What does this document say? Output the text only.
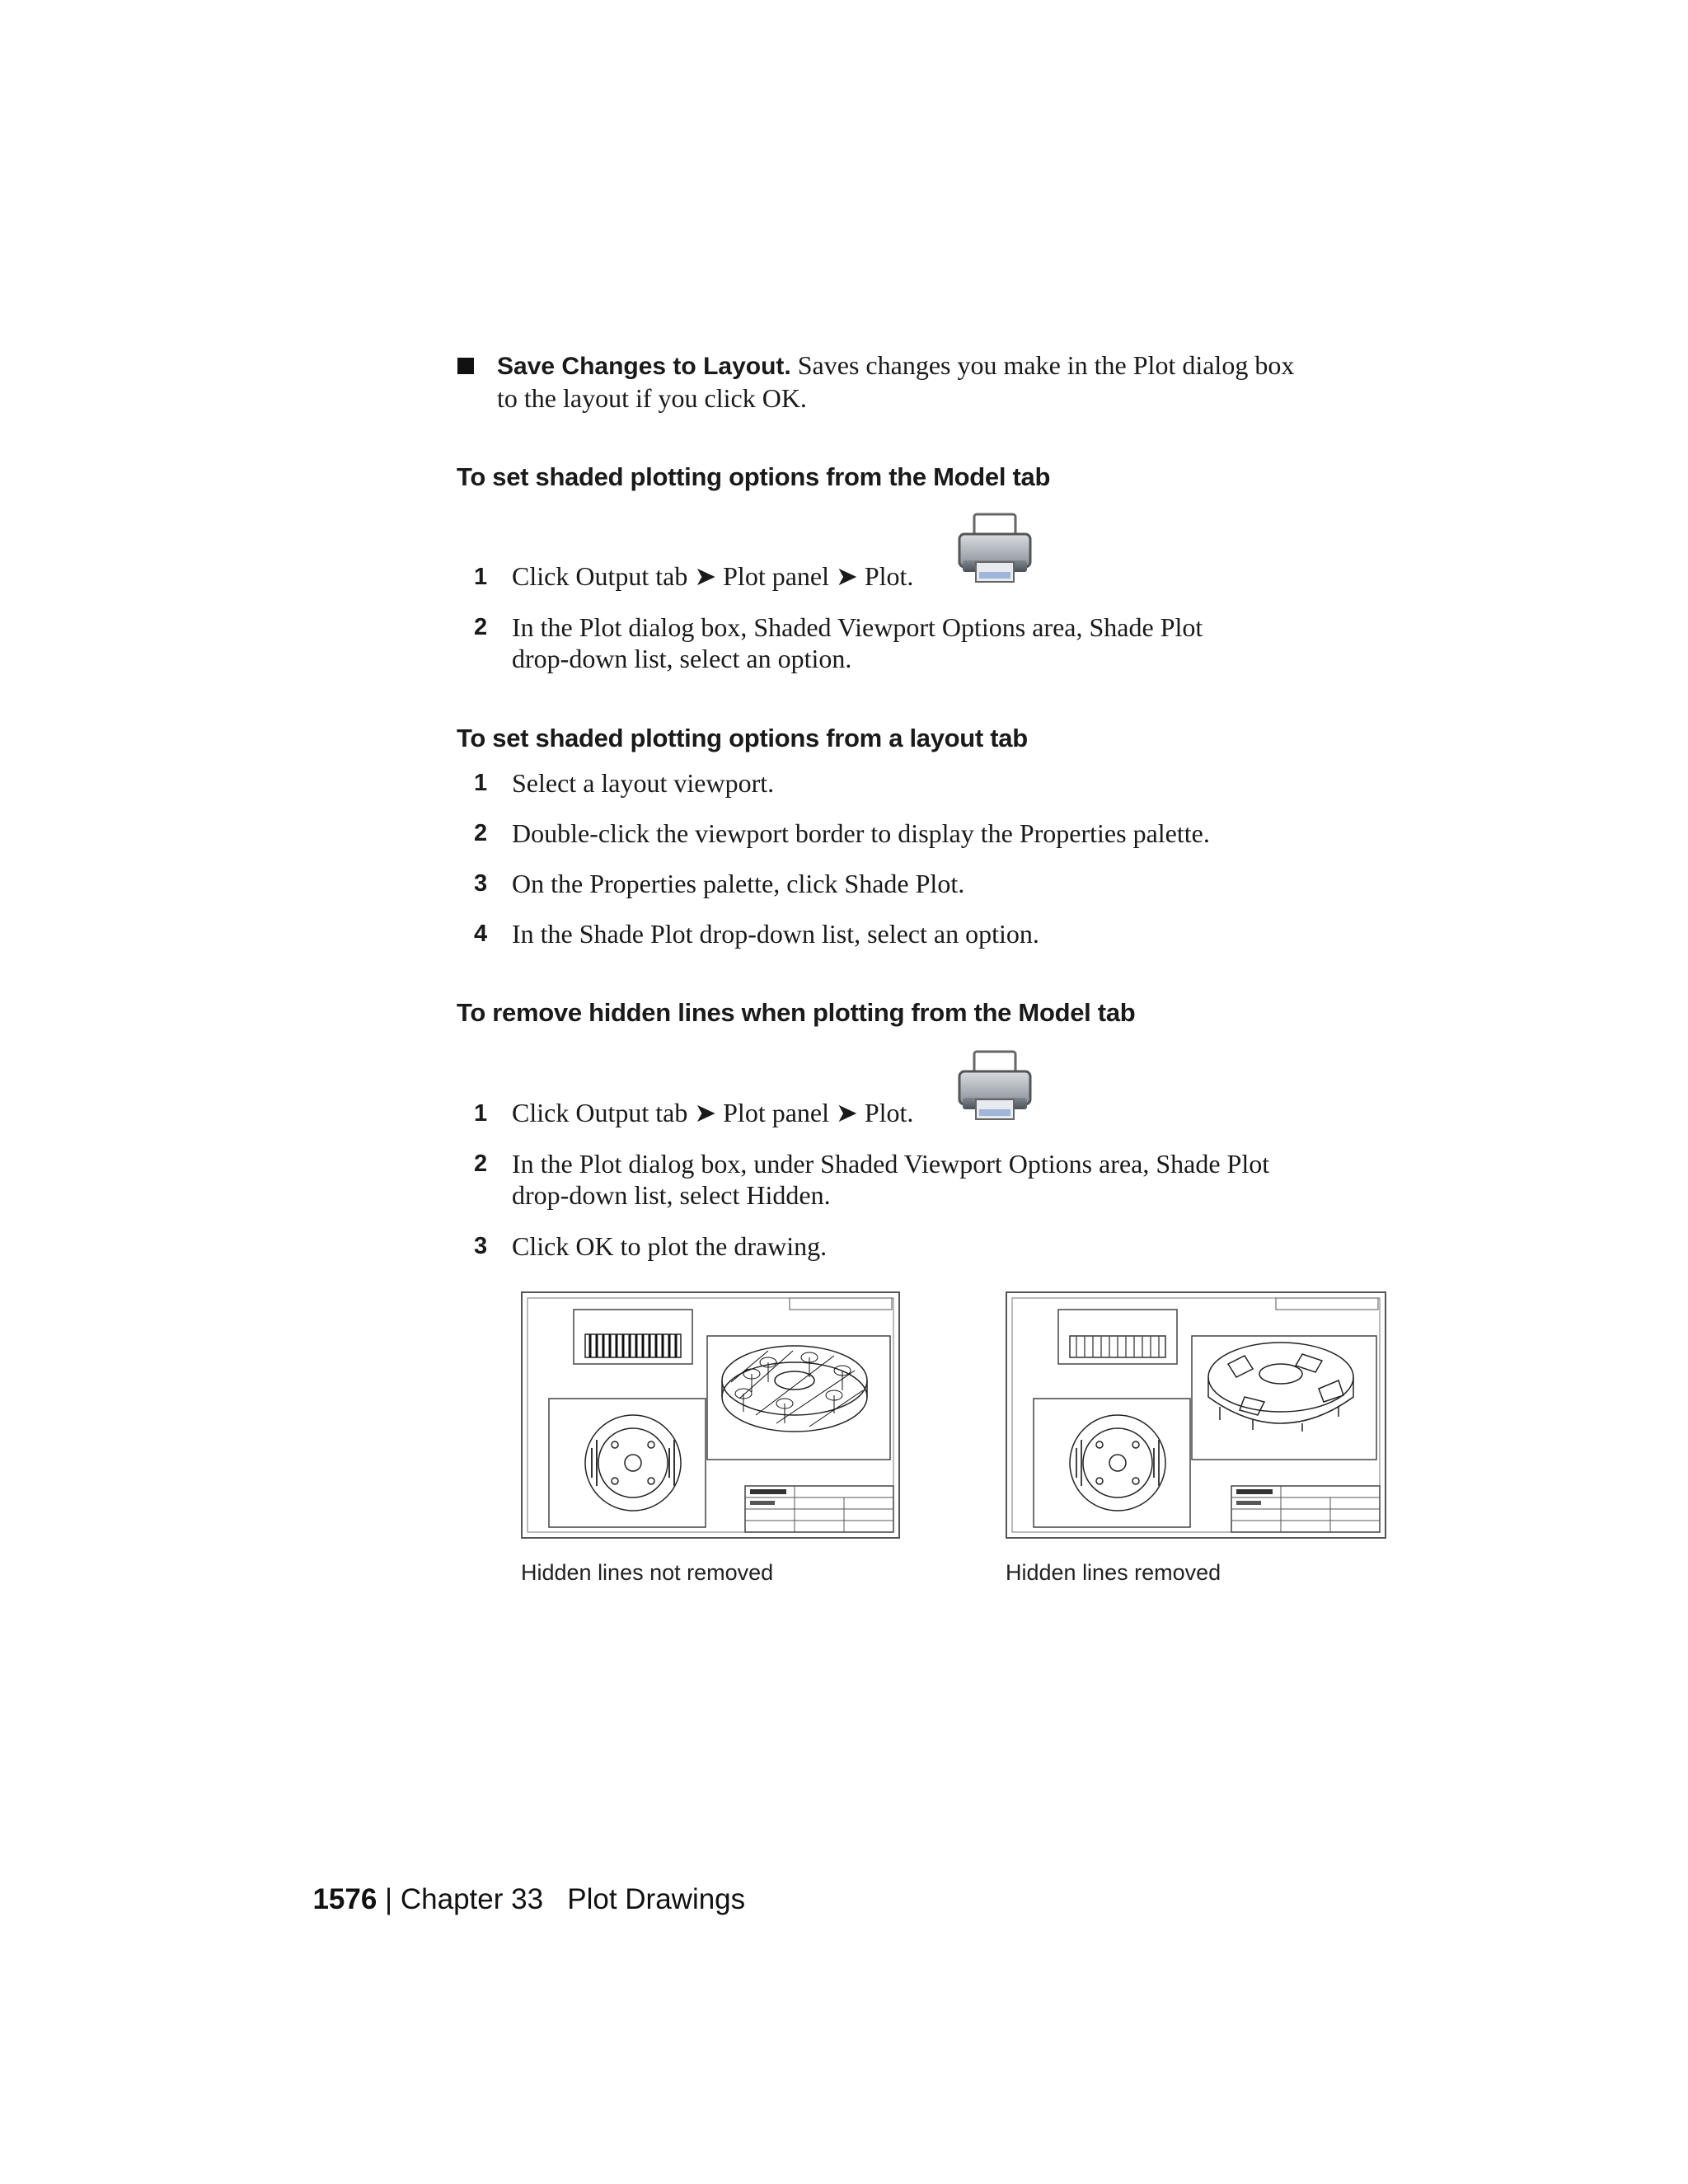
Save Changes to Layout. Saves changes you make in the Plot dialog box
to the layout if you click OK.
To set shaded plotting options from the Model tab
1 Click Output tab ➤ Plot panel ➤ Plot.
2 In the Plot dialog box, Shaded Viewport Options area, Shade Plot
drop-down list, select an option.
To set shaded plotting options from a layout tab
1 Select a layout viewport.
2 Double-click the viewport border to display the Properties palette.
3 On the Properties palette, click Shade Plot.
4 In the Shade Plot drop-down list, select an option.
To remove hidden lines when plotting from the Model tab
1 Click Output tab ➤ Plot panel ➤ Plot.
2 In the Plot dialog box, under Shaded Viewport Options area, Shade Plot
drop-down list, select Hidden.
3 Click OK to plot the drawing.
Hidden lines not removed	Hidden lines removed

1576 | Chapter 33 Plot Drawings
